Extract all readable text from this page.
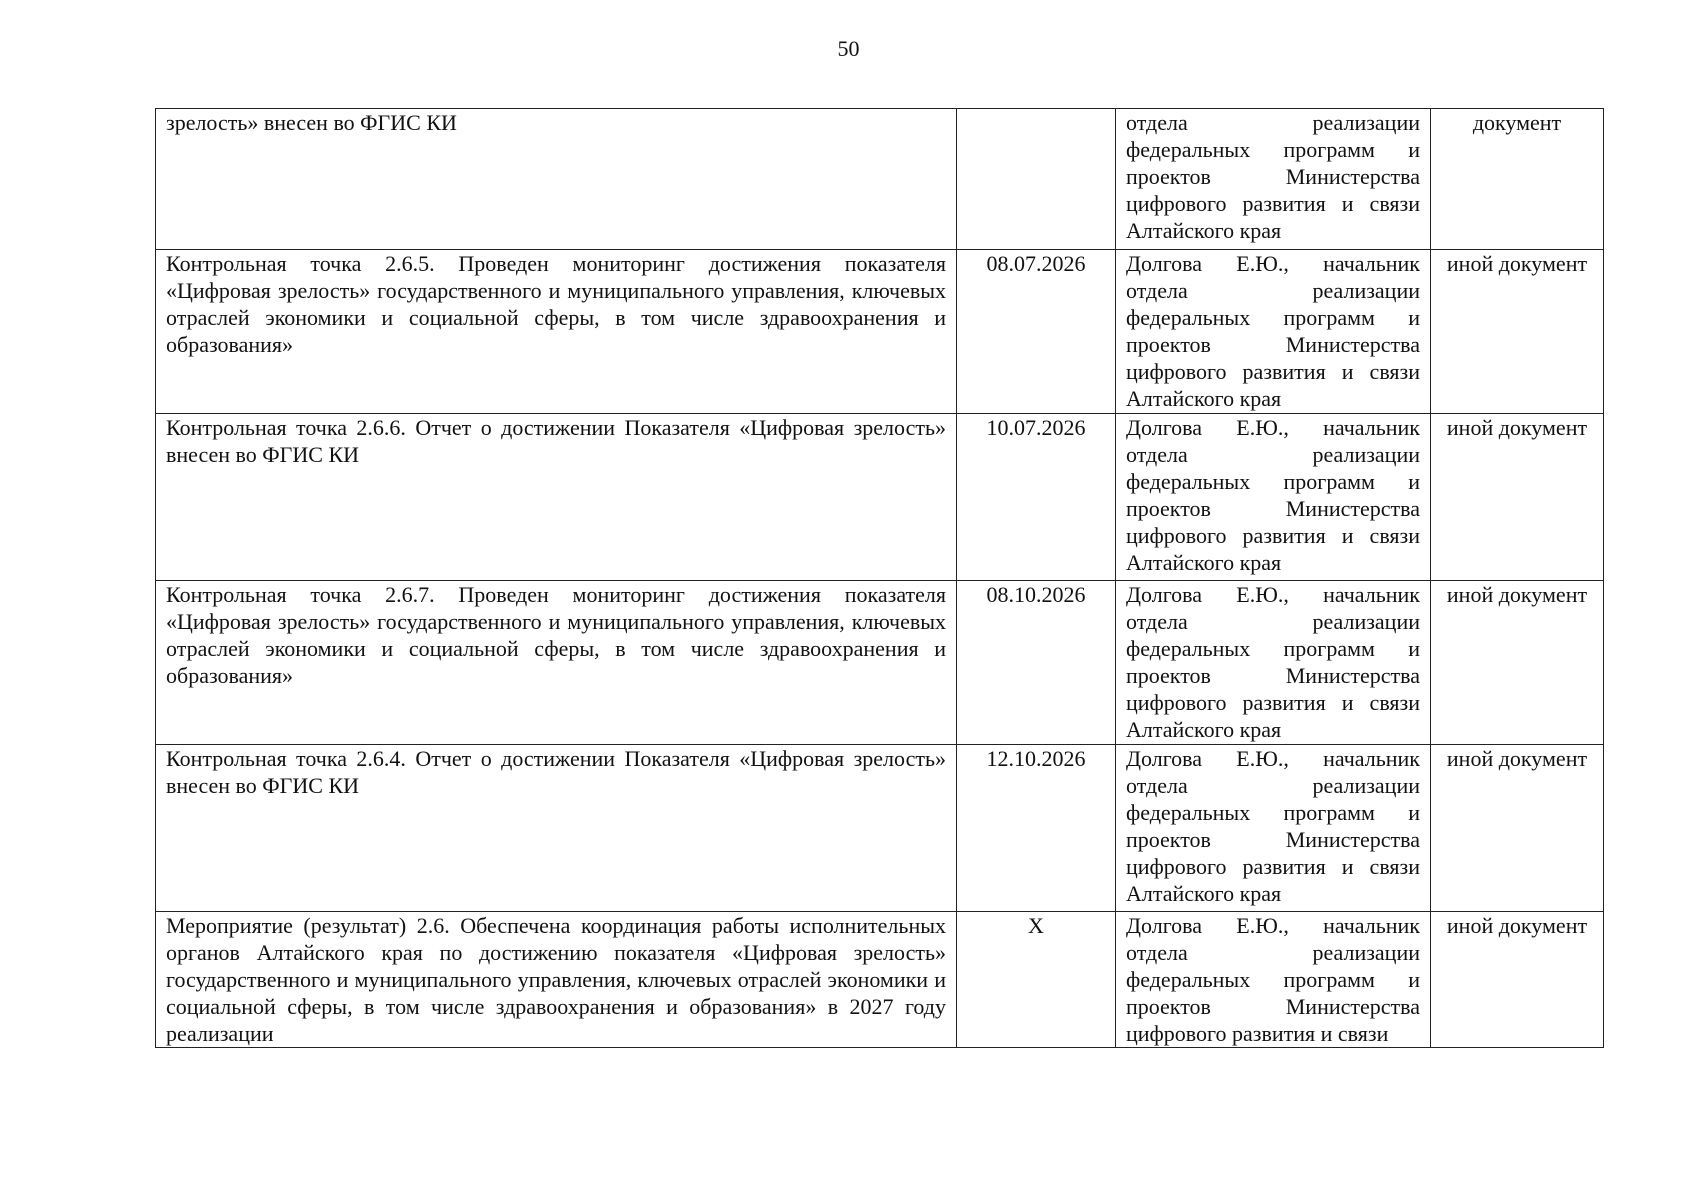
50
зрелость» внесен во ФГИС КИ		отдела реализации федеральных программ и проектов Министерства цифрового развития и связи Алтайского края	документ

Контрольная точка 2.6.5. Проведен мониторинг достижения показателя «Цифровая зрелость» государственного и муниципального управления, ключевых отраслей экономики и социальной сферы, в том числе здравоохранения и образования»	08.07.2026	Долгова Е.Ю., начальник отдела реализации федеральных программ и проектов Министерства цифрового развития и связи Алтайского края	иной документ

Контрольная точка 2.6.6. Отчет о достижении Показателя «Цифровая зрелость» внесен во ФГИС КИ	10.07.2026	Долгова Е.Ю., начальник отдела реализации федеральных программ и проектов Министерства цифрового развития и связи Алтайского края	иной документ

Контрольная точка 2.6.7. Проведен мониторинг достижения показателя «Цифровая зрелость» государственного и муниципального управления, ключевых отраслей экономики и социальной сферы, в том числе здравоохранения и образования»	08.10.2026	Долгова Е.Ю., начальник отдела реализации федеральных программ и проектов Министерства цифрового развития и связи Алтайского края	иной документ

Контрольная точка 2.6.4. Отчет о достижении Показателя «Цифровая зрелость» внесен во ФГИС КИ	12.10.2026	Долгова Е.Ю., начальник отдела реализации федеральных программ и проектов Министерства цифрового развития и связи Алтайского края	иной документ

Мероприятие (результат) 2.6. Обеспечена координация работы исполнительных органов Алтайского края по достижению показателя «Цифровая зрелость» государственного и муниципального управления, ключевых отраслей экономики и социальной сферы, в том числе здравоохранения и образования» в 2027 году реализации	X	Долгова Е.Ю., начальник отдела реализации федеральных программ и проектов Министерства цифрового развития и связи	иной документ
